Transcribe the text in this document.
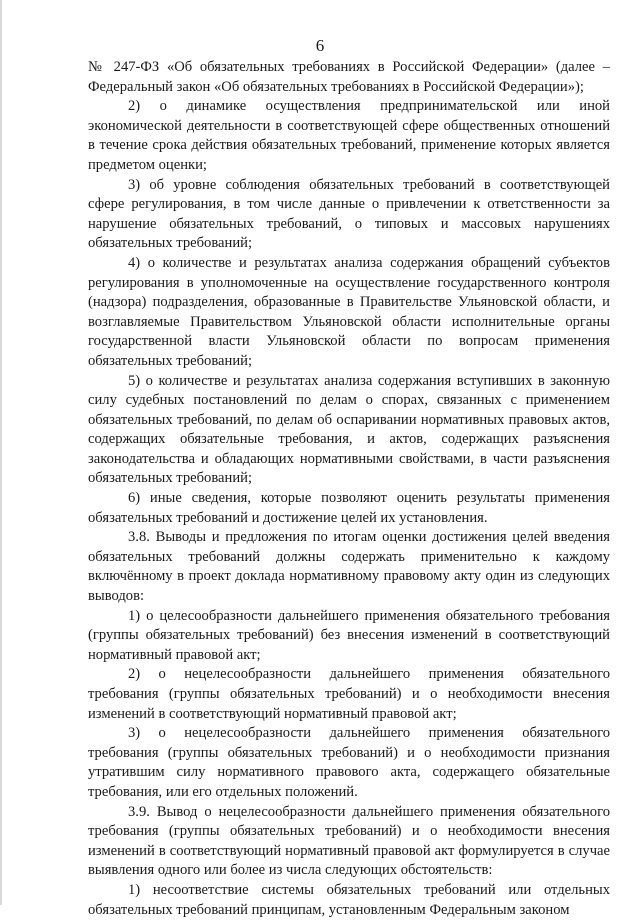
6

№ 247-ФЗ «Об обязательных требованиях в Российской Федерации» (далее – Федеральный закон «Об обязательных требованиях в Российской Федерации»);

2) о динамике осуществления предпринимательской или иной экономической деятельности в соответствующей сфере общественных отношений в течение срока действия обязательных требований, применение которых является предметом оценки;

3) об уровне соблюдения обязательных требований в соответствующей сфере регулирования, в том числе данные о привлечении к ответственности за нарушение обязательных требований, о типовых и массовых нарушениях обязательных требований;

4) о количестве и результатах анализа содержания обращений субъектов регулирования в уполномоченные на осуществление государственного контроля (надзора) подразделения, образованные в Правительстве Ульяновской области, и возглавляемые Правительством Ульяновской области исполнительные органы государственной власти Ульяновской области по вопросам применения обязательных требований;

5) о количестве и результатах анализа содержания вступивших в законную силу судебных постановлений по делам о спорах, связанных с применением обязательных требований, по делам об оспаривании нормативных правовых актов, содержащих обязательные требования, и актов, содержащих разъяснения законодательства и обладающих нормативными свойствами, в части разъяснения обязательных требований;

6) иные сведения, которые позволяют оценить результаты применения обязательных требований и достижение целей их установления.

3.8. Выводы и предложения по итогам оценки достижения целей введения обязательных требований должны содержать применительно к каждому включённому в проект доклада нормативному правовому акту один из следующих выводов:

1) о целесообразности дальнейшего применения обязательного требования (группы обязательных требований) без внесения изменений в соответствующий нормативный правовой акт;

2) о нецелесообразности дальнейшего применения обязательного требования (группы обязательных требований) и о необходимости внесения изменений в соответствующий нормативный правовой акт;

3) о нецелесообразности дальнейшего применения обязательного требования (группы обязательных требований) и о необходимости признания утратившим силу нормативного правового акта, содержащего обязательные требования, или его отдельных положений.

3.9. Вывод о нецелесообразности дальнейшего применения обязательного требования (группы обязательных требований) и о необходимости внесения изменений в соответствующий нормативный правовой акт формулируется в случае выявления одного или более из числа следующих обстоятельств:

1) несоответствие системы обязательных требований или отдельных обязательных требований принципам, установленным Федеральным законом
